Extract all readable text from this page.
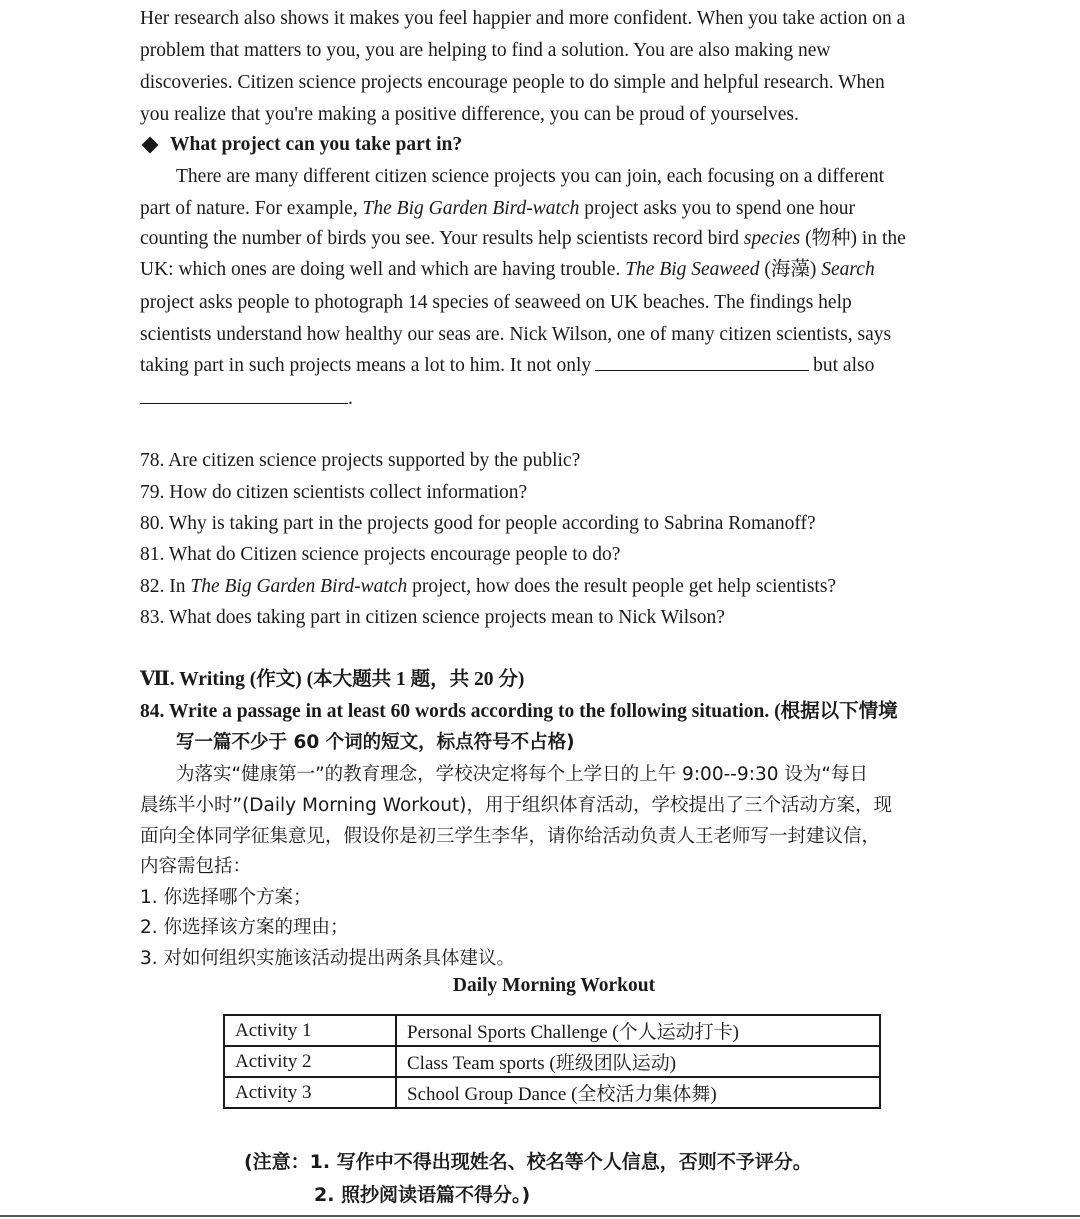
Her research also shows it makes you feel happier and more confident. When you take action on a
problem that matters to you, you are helping to find a solution. You are also making new
discoveries. Citizen science projects encourage people to do simple and helpful research. When
you realize that you're making a positive difference, you can be proud of yourselves.
What project can you take part in?
There are many different citizen science projects you can join, each focusing on a different
part of nature. For example, The Big Garden Bird-watch project asks you to spend one hour
counting the number of birds you see. Your results help scientists record bird species (物种) in the
UK: which ones are doing well and which are having trouble. The Big Seaweed (海藻) Search
project asks people to photograph 14 species of seaweed on UK beaches. The findings help
scientists understand how healthy our seas are. Nick Wilson, one of many citizen scientists, says
taking part in such projects means a lot to him. It not only	but also
.
78. Are citizen science projects supported by the public?
79. How do citizen scientists collect information?
80. Why is taking part in the projects good for people according to Sabrina Romanoff?
81. What do Citizen science projects encourage people to do?
82. In The Big Garden Bird-watch project, how does the result people get help scientists?
83. What does taking part in citizen science projects mean to Nick Wilson?
Ⅶ. Writing (作文) (本大题共 1 题，共 20 分)
84. Write a passage in at least 60 words according to the following situation. (根据以下情境
写一篇不少于 60 个词的短文，标点符号不占格)
为落实“健康第一”的教育理念，学校决定将每个上学日的上午 9:00--9:30 设为“每日
晨练半小时”(Daily Morning Workout)，用于组织体育活动，学校提出了三个活动方案，现
面向全体同学征集意见，假设你是初三学生李华，请你给活动负责人王老师写一封建议信，
内容需包括：
1. 你选择哪个方案；
2. 你选择该方案的理由；
3. 对如何组织实施该活动提出两条具体建议。
Daily Morning Workout
Activity 1	Personal Sports Challenge (个人运动打卡)
Activity 2	Class Team sports (班级团队运动)
Activity 3	School Group Dance (全校活力集体舞)
(注意：1. 写作中不得出现姓名、校名等个人信息，否则不予评分。
2. 照抄阅读语篇不得分。)
